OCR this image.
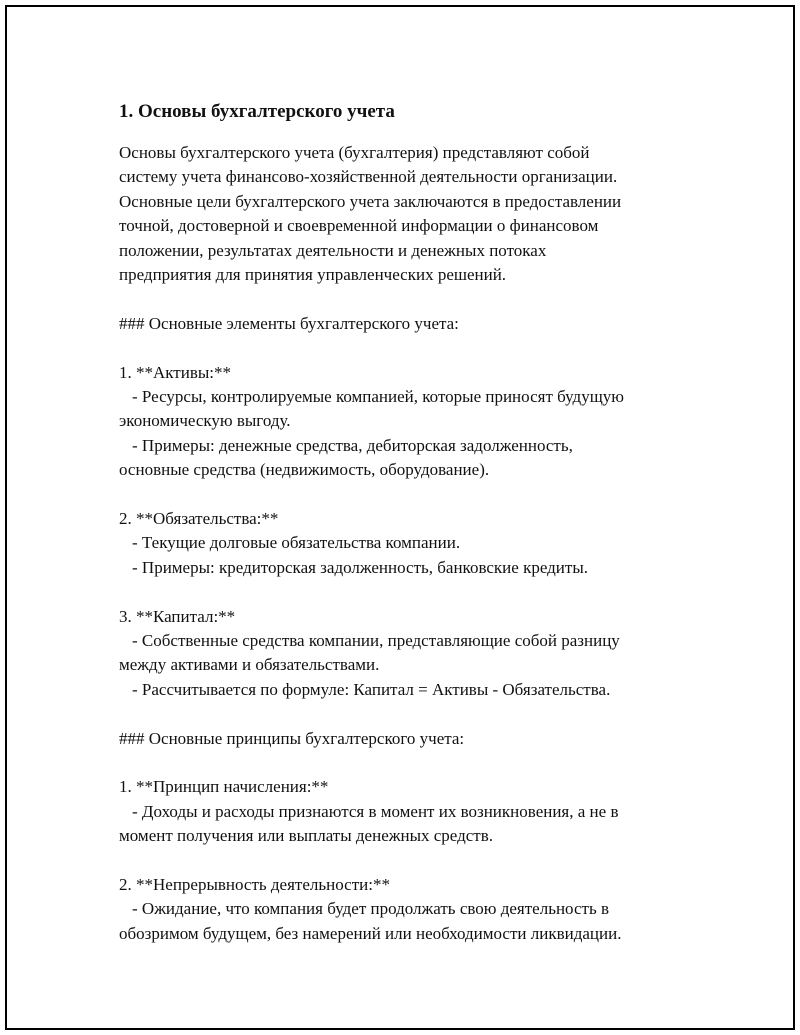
1. Основы бухгалтерского учета

Основы бухгалтерского учета (бухгалтерия) представляют собой

систему учета финансово-хозяйственной деятельности организации.

Основные цели бухгалтерского учета заключаются в предоставлении

точной, достоверной и своевременной информации о финансовом

положении, результатах деятельности и денежных потоках

предприятия для принятия управленческих решений.

### Основные элементы бухгалтерского учета:

1. **Активы:**

- Ресурсы, контролируемые компанией, которые приносят будущую

экономическую выгоду.

- Примеры: денежные средства, дебиторская задолженность,

основные средства (недвижимость, оборудование).

2. **Обязательства:**

- Текущие долговые обязательства компании.

- Примеры: кредиторская задолженность, банковские кредиты.

3. **Капитал:**

- Собственные средства компании, представляющие собой разницу

между активами и обязательствами.

- Рассчитывается по формуле: Капитал = Активы - Обязательства.

### Основные принципы бухгалтерского учета:

1. **Принцип начисления:**

- Доходы и расходы признаются в момент их возникновения, а не в

момент получения или выплаты денежных средств.

2. **Непрерывность деятельности:**

- Ожидание, что компания будет продолжать свою деятельность в

обозримом будущем, без намерений или необходимости ликвидации.
